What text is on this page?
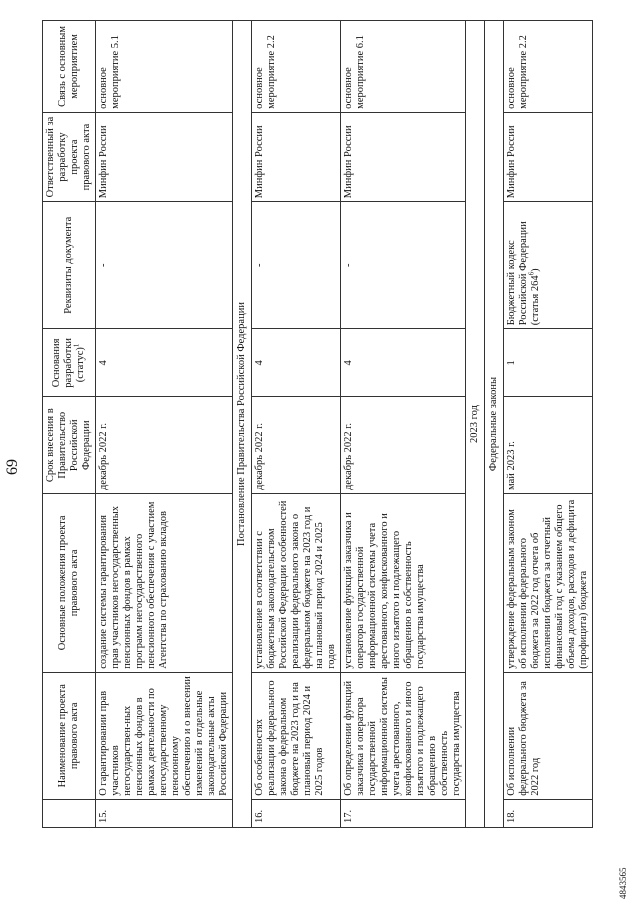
69
	Наименование проекта правового акта	Основные положения проекта правового акта	Срок внесения в Правительство Российской Федерации	Основания разработки (статус)$^1$	Реквизиты документа	Ответственный за разработку проекта правового акта	Связь с основным мероприятием
15.	О гарантировании прав участников негосударствен-ных пенсионных фондов в рамках деятельности по негосударственному пенсионному обеспечению и о внесении изменений в отдельные законодательные акты Российской Федерации	создание системы гарантирования прав участников негосударственных пенсионных фондов в рамках программ негосударственного пенсионного обеспечения с участием Агентства по страхованию вкладов	декабрь 2022 г.	4	-	Минфин России	основное мероприятие 5.1
Постановление Правительства Российской Федерации							
16.	Об особенностях реализации федерального закона о федеральном бюджете на 2023 год и на плановый период 2024 и 2025 годов	установление в соответствии с бюджетным законодательством Российской Федерации особенностей реализации федерального закона о федеральном бюджете на 2023 год и на плановый период 2024 и 2025 годов	декабрь 2022 г.	4	-	Минфин России	основное мероприятие 2.2
17.	Об определении функций заказчика и оператора государственной информационной системы учета арестованного, конфискованного и иного изъятого и подлежащего обращению в собственность государства имущества	установление функций заказчика и оператора государственной информационной системы учета арестованного, конфискованного и иного изъятого и подлежащего обращению в собственность государства имущества	декабрь 2022 г.	4	-	Минфин России	основное мероприятие 6.1
2023 год							
Федеральные законы							
18.	Об исполнении федерального бюджета за 2022 год	утверждение федеральным законом об исполнении федерального бюджета за 2022 год отчета об исполнении бюджета за отчетный финансовый год с указанием общего объема доходов, расходов и дефицита (профицита) бюджета	май 2023 г.	1	Бюджетный кодекс Российской Федерации (статья $264^6$)	Минфин России	основное мероприятие 2.2
4843565
